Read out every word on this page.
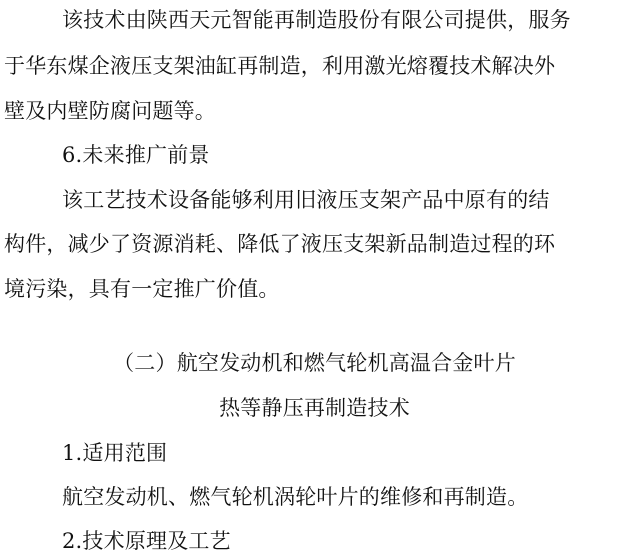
该技术由陕西天元智能再制造股份有限公司提供，服务
于华东煤企液压支架油缸再制造，利用激光熔覆技术解决外
壁及内壁防腐问题等。
6.未来推广前景
该工艺技术设备能够利用旧液压支架产品中原有的结
构件，减少了资源消耗、降低了液压支架新品制造过程的环
境污染，具有一定推广价值。
（二）航空发动机和燃气轮机高温合金叶片
热等静压再制造技术
1.适用范围
航空发动机、燃气轮机涡轮叶片的维修和再制造。
2.技术原理及工艺
